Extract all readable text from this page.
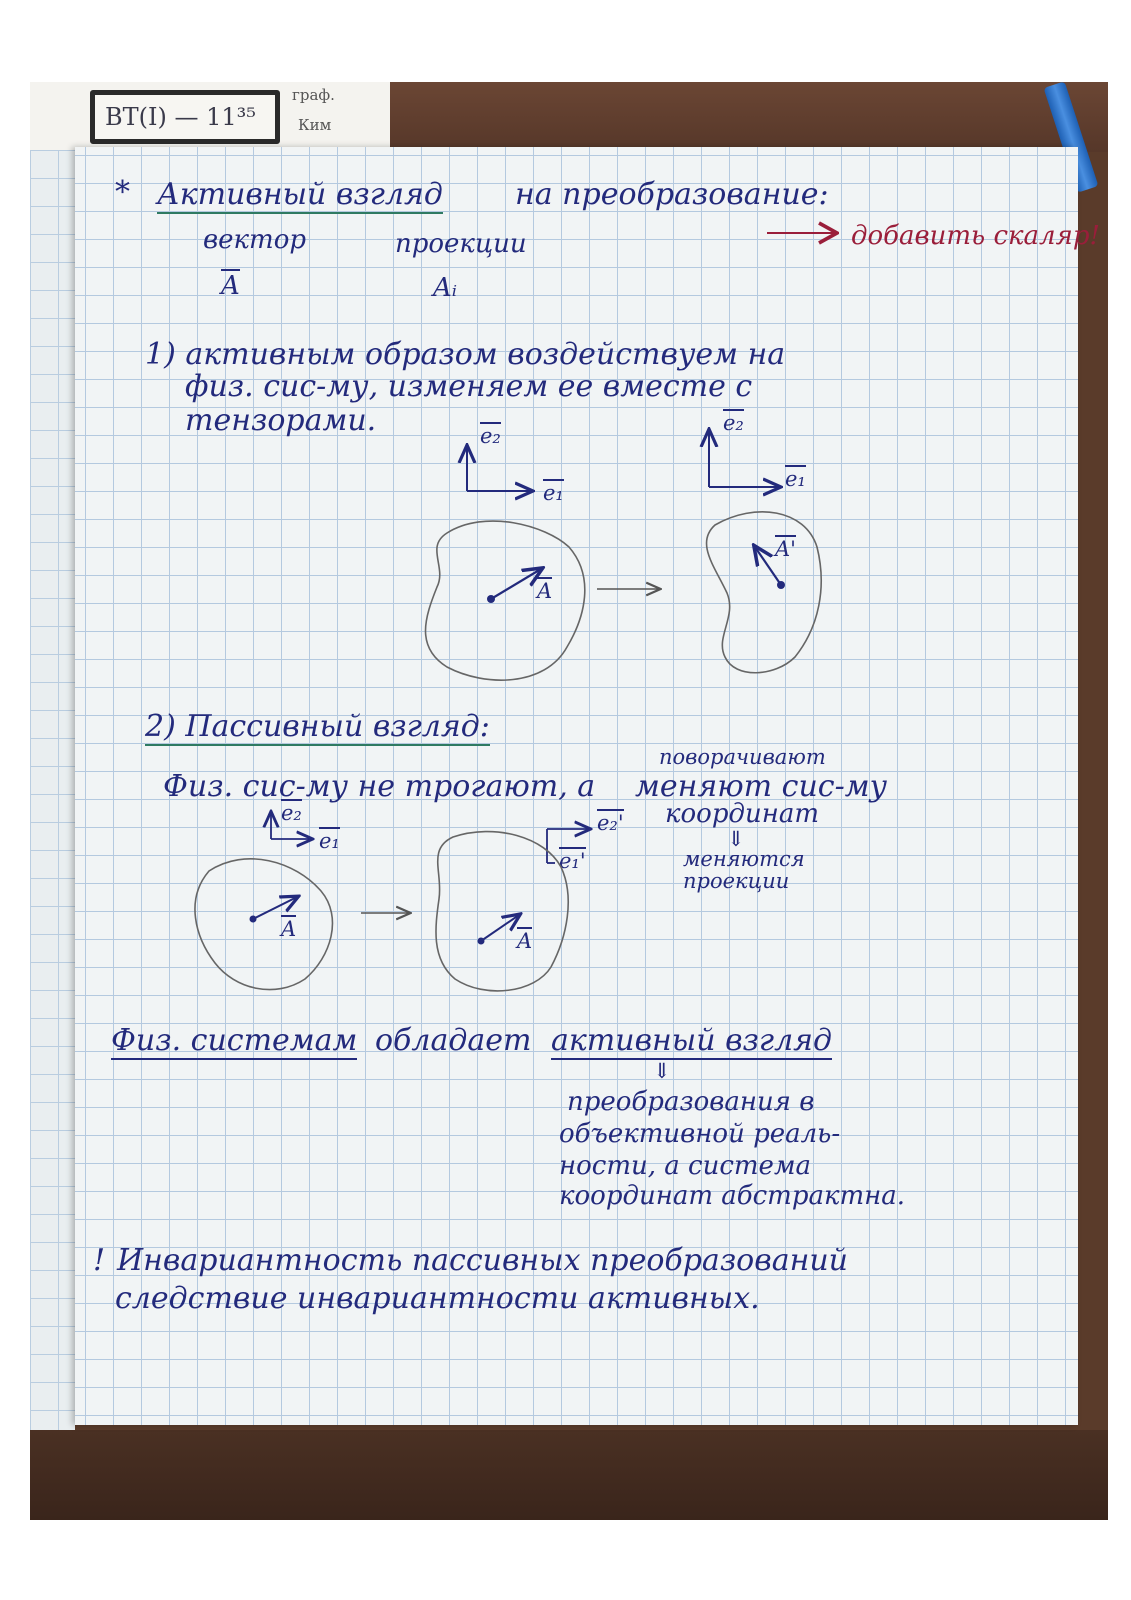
граф.
Ким
ВТ(I) — 11³⁵
* Активный взгляд на преобразование:
вектор	проекции
A	Aᵢ
добавить скаляр!
1) активным образом воздействуем на
физ. сис-му, изменяем ее вместе с
тензорами.	e₂
e₁
e₂
e₁
A
A'
2) Пассивный взгляд:
поворачивают
Физ. сис-му не трогают, а меняют сис-му
координат
⇓
меняются
проекции
e₂
e₁
e₂'
e₁'
A	A
Физ. системам обладает активный взгляд
⇓
преобразования в
объективной реаль-
ности, а система
координат абстрактна.
! Инвариантность пассивных преобразований
следствие инвариантности активных.
